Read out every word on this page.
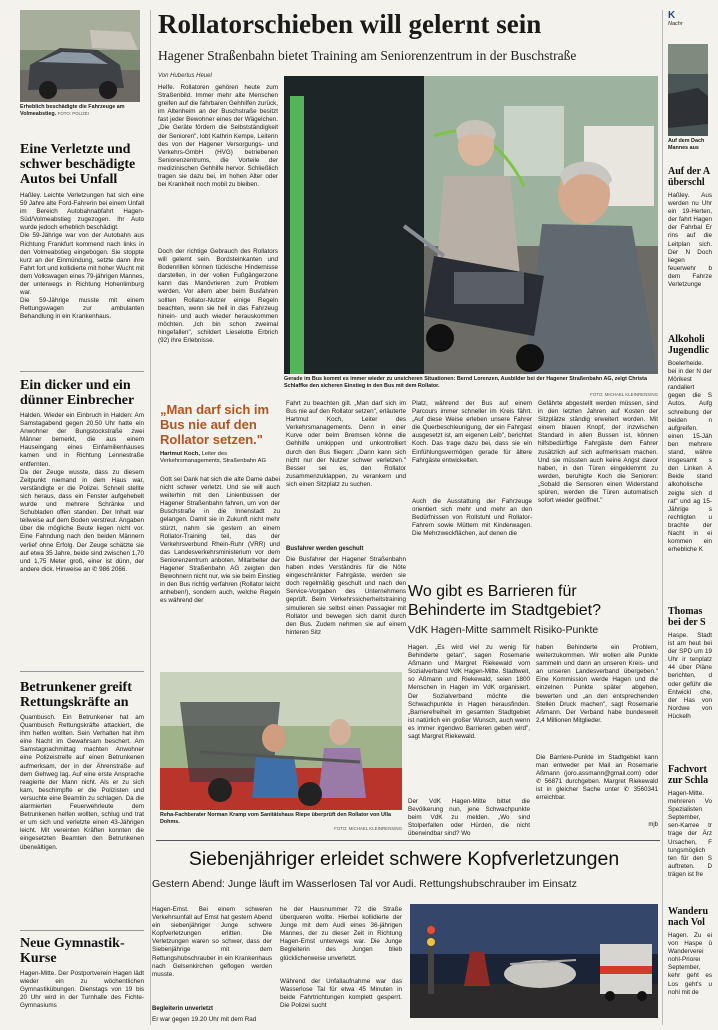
Erheblich beschädigte die Fahrzeuge am Volmeabstieg. FOTO: POLIZEI
Eine Verletzte und schwer beschädigte Autos bei Unfall

Haßley. Leichte Verletzungen hat sich eine 59 Jahre alte Ford-Fahrerin bei einem Unfall im Bereich Autobahnabfahrt Hagen-Süd/Volmeabstieg zugezogen. Ihr Auto wurde jedoch erheblich beschädigt.

Die 59-Jährige war von der Autobahn aus Richtung Frankfurt kommend nach links in den Volmeabstieg eingebogen. Sie stoppte kurz an der Einmündung, setzte dann ihre Fahrt fort und kollidierte mit hoher Wucht mit dem Volkswagen eines 79-jährigen Mannes, der unterwegs in Richtung Hohenlimburg war.

Die 59-Jährige musste mit einem Rettungswagen zur ambulanten Behandlung in ein Krankenhaus.

Ein dicker und ein dünner Einbrecher

Halden. Wieder ein Einbruch in Halden: Am Samstagabend gegen 20.50 Uhr hatte ein Anwohner der Bungstockstraße zwei Männer bemerkt, die aus einem Hauseingang eines Einfamilienhauses kamen und in Richtung Lennestraße entfernten.

Da der Zeuge wusste, dass zu diesem Zeitpunkt niemand in dem Haus war, verständigte er die Polizei. Schnell stellte sich heraus, dass ein Fenster aufgehebelt wurde und mehrere Schränke und Schubladen offen standen. Der Inhalt war teilweise auf dem Boden verstreut. Angaben über die mögliche Beute liegen nicht vor. Eine Fahndung nach den beiden Männern verlief ohne Erfolg. Der Zeuge schätzte sie auf etwa 35 Jahre, beide sind zwischen 1,70 und 1,75 Meter groß, einer ist dünn, der andere dick. Hinweise an ✆ 986 2066.

Betrunkener greift Rettungskräfte an
Quambusch. Ein Betrunkener hat am Quambusch Rettungskräfte attackiert, die ihm helfen wollten. Sein Verhalten hat ihm eine Nacht im Gewahrsam beschert. Am Samstagnachmittag machten Anwohner eine Polizeistreife auf einen Betrunkenen aufmerksam, der in der Ährenstraße auf dem Gehweg lag. Auf eine erste Ansprache reagierte der Mann nicht. Als er zu sich kam, beschimpfte er die Polizisten und versuchte eine Beamtin zu schlagen. Da die alarmierten Feuerwehrleute dem Betrunkenen helfen wollten, schlug und trat er um sich und verletzte einen 43-Jährigen leicht. Mit vereinten Kräften konnten die eingesetzten Beamten den Betrunkenen überwältigen.
Neue Gymnastik-Kurse
Hagen-Mitte. Der Postportverein Hagen lädt wieder ein zu wöchentlichen Gymnastikübungen. Dienstags von 19 bis 20 Uhr wird in der Turnhalle des Fichte-Gymnasiums
Rollatorschieben will gelernt sein
Hagener Straßenbahn bietet Training am Seniorenzentrum in der Buschstraße
Von Hubertus Heuel
Helfe. Rollatoren gehören heute zum Straßenbild. Immer mehr alte Menschen greifen auf die fahrbaren Gehhilfen zurück, im Altenheim an der Buschstraße besitzt fast jeder Bewohner eines der Wägelchen. „Die Geräte fördern die Selbstständigkeit der Senioren", lobt Kathrin Kempe, Leiterin des von der Hagener Versorgungs- und Verkehrs-GmbH (HVG) betriebenen Seniorenzentrums, die Vorteile der medizinischen Gehhilfe hervor. Schließlich tragen sie dazu bei, im hohen Alter oder bei Krankheit noch mobil zu bleiben.
Doch der richtige Gebrauch des Rollators will gelernt sein. Bordsteinkanten und Bodenrillen können tückische Hindernisse darstellen, in der vollen Fußgängerzone kann das Manövrieren zum Problem werden. Vor allem aber beim Busfahren sollten Rollator-Nutzer einige Regeln beachten, wenn sie heil in das Fahrzeug hinein- und auch wieder herauskommen möchten. „Ich bin schon zweimal hingefallen", schildert Lieselotte Erbrich (92) ihre Erlebnisse.
Gerade im Bus kommt es immer wieder zu unsicheren Situationen: Bernd Lorenzen, Ausbilder bei der Hagener Straßenbahn AG, zeigt Christa Schlaffke den sicheren Einstieg in den Bus mit dem Rollator.
FOTO: MICHAEL KLEINRENSING
„Man darf sich im Bus nie auf den Rollator setzen."
Hartmut Koch, Leiter des Verkehrsmanagements, Straßenbahn AG
Gott sei Dank hat sich die alte Dame dabei nicht schwer verletzt. Und sie will auch weiterhin mit den Linienbussen der Hagener Straßenbahn fahren, um von der Buschstraße in die Innenstadt zu gelangen. Damit sie in Zukunft nicht mehr stürzt, nahm sie gestern an einem Rollator-Training teil, das der Verkehrsverbund Rhein-Ruhr (VRR) und das Landesverkehrsministerium vor dem Seniorenzentrum anboten. Mitarbeiter der Hagener Straßenbahn AG zeigten den Bewohnern nicht nur, wie sie beim Einstieg in den Bus richtig verfahren (Rollator leicht anheben!), sondern auch, welche Regeln es während der
Fahrt zu beachten gilt. „Man darf sich im Bus nie auf den Rollator setzen", erläuterte Hartmut Koch, Leiter des Verkehrsmanagements. Denn in einer Kurve oder beim Bremsen könne die Gehhilfe umkippen und unkontrolliert durch den Bus fliegen: „Dann kann sich nicht nur der Nutzer schwer verletzen." Besser sei es, den Rollator zusammenzuklappen, zu verankern und sich einen Sitzplatz zu suchen.
Busfahrer werden geschult
Die Busfahrer der Hagener Straßenbahn haben indes Verständnis für die Nöte eingeschränkter Fahrgäste, werden sie doch regelmäßig geschult und nach den Service-Vorgaben des Unternehmens geprüft. Beim Verkehrssicherheitstraining simulieren sie selbst einen Passagier mit Rollator und bewegen sich damit durch den Bus. Zudem nehmen sie auf einem hinteren Sitz
Platz, während der Bus auf einem Parcours immer schneller im Kreis fährt. „Auf diese Weise erleben unsere Fahrer die Querbeschleunigung, der ein Fahrgast ausgesetzt ist, am eigenen Leib", berichtet Koch. Das trage dazu bei, dass sie ein Einfühlungsvermögen gerade für ältere Fahrgäste entwickelten.
Auch die Ausstattung der Fahrzeuge orientiert sich mehr und mehr an den Bedürfnissen von Rollstuhl und Rollator-Fahrern sowie Müttern mit Kinderwagen. Die Mehrzweckflächen, auf denen die
Gefährte abgestellt werden müssen, sind in den letzten Jahren auf Kosten der Sitzplätze ständig erweitert worden. Mit einem blauen Knopf, der inzwischen Standard in allen Bussen ist, können hilfsbedürftige Fahrgäste dem Fahrer zusätzlich auf sich aufmerksam machen. Und sie müssten auch keine Angst davor haben, in den Türen eingeklemmt zu werden, beruhigte Koch die Senioren: „Sobald die Sensoren einen Widerstand spüren, werden die Türen automatisch sofort wieder geöffnet."
Reha-Fachberater Norman Kramp vom Sanitätshaus Riepe überprüft den Rollator von Ulla Dohms.
FOTO: MICHAEL KLEINRENSING
Wo gibt es Barrieren für Behinderte im Stadtgebiet?
VdK Hagen-Mitte sammelt Risiko-Punkte
Hagen. „Es wird viel zu wenig für Behinderte getan", sagen Rosemarie Aßmann und Margret Riekewald vom Sozialverband VdK Hagen-Mitte. Stadtweit, so Aßmann und Riekewald, seien 1800 Menschen in Hagen im VdK organisiert. Der Sozialverband möchte die Schwachpunkte in Hagen herausfinden. „Barrierefreiheit im gesamten Stadtgebiet ist natürlich ein großer Wunsch, auch wenn es immer irgendwo Barrieren geben wird", sagt Margret Riekewald.
Der VdK Hagen-Mitte bittet die Bevölkerung nun, jene Schwachpunkte beim VdK zu melden. „Wo sind Stolperfallen oder Hürden, die nicht überwindbar sind? Wo
haben Behinderte ein Problem, weiterzukommen. Wir wollen alle Punkte sammeln und dann an unseren Kreis- und an unseren Landesverband übergeben." Eine Kommission werde Hagen und die einzelnen Punkte später abgehen, bewerten und „an den entsprechenden Stellen Druck machen", sagt Rosemarie Aßmann. Der Verband habe bundesweit 2,4 Millionen Mitglieder.
Die Barriere-Punkte im Stadtgebiet kann man entweder per Mail an Rosemarie Aßmann (joro.assmann@gmail.com) oder ✆ 56871 durchgeben. Margret Riekewald ist in gleicher Sache unter ✆ 3560341 erreichbar.
mjb
Siebenjähriger erleidet schwere Kopfverletzungen
Gestern Abend: Junge läuft im Wasserlosen Tal vor Audi. Rettungshubschrauber im Einsatz
Hagen-Emst. Bei einem schweren Verkehrsunfall auf Emst hat gestern Abend ein siebenjähriger Junge schwere Kopfverletzungen erlitten. Die Verletzungen waren so schwer, dass der Siebenjährige mit dem Rettungshubschrauber in ein Krankenhaus nach Gelsenkirchen geflogen werden musste.
Begleiterin unverletzt
Er war gegen 19.20 Uhr mit dem Rad
he der Hausnummer 72 die Straße überqueren wollte. Hierbei kollidierte der Junge mit dem Audi eines 36-jährigen Mannes, der zu dieser Zeit in Richtung Hagen-Emst unterwegs war. Die Junge Begleiterin des Jungen blieb glücklicherweise unverletzt.
Während der Unfallaufnahme war das Wasserlose Tal für etwa 45 Minuten in beide Fahrtrichtungen komplett gesperrt. Die Polizei sucht
K
Nachr
Auf dem Dach Mannes aus
Auf der A überschl
Haßley. Aus werden nu Uhr ein 19-Herten, der fahrt Hagen der Fahrbal Er rins auf die Leitplan sich. Der N Doch liegen feuerwehr b dem Fahrze Verletzunge
Alkoholi Jugendlic
Boelerheide. bei in der N der Mörikest randaliert gegen die S Autos. Aufg schreibung der beiden n aufgreifen. einen 15-Jäh ben mehrere stand, währe insgesamt s den Linken A Beide stand alkoholische zeigte sich d rat" und ag 15-Jährige s rechtigten u brachte der Nacht in ei kommen ein erhebliche K
Thomas bei der S
Haspe. Stadt ist am heut bei der SPD um 19 Uhr ir tenplatz 44 über Pläne berichten, d oder geführ die Entwickl che, der Has von Nordwe von Hückelh
Fachvort zur Schla
Hagen-Mitte. mehreren Vo Spezialisten September, sen-Karree tr trage der Ärz Ursachen, F tungsmöglich ten für den S auftreten. D trägen ist fre
Wanderu nach Vol
Hagen. Zu ei von Haspe ü Wanderverei nohl-Prioreı September, kehr geht es Los geht's u nohl mit de
